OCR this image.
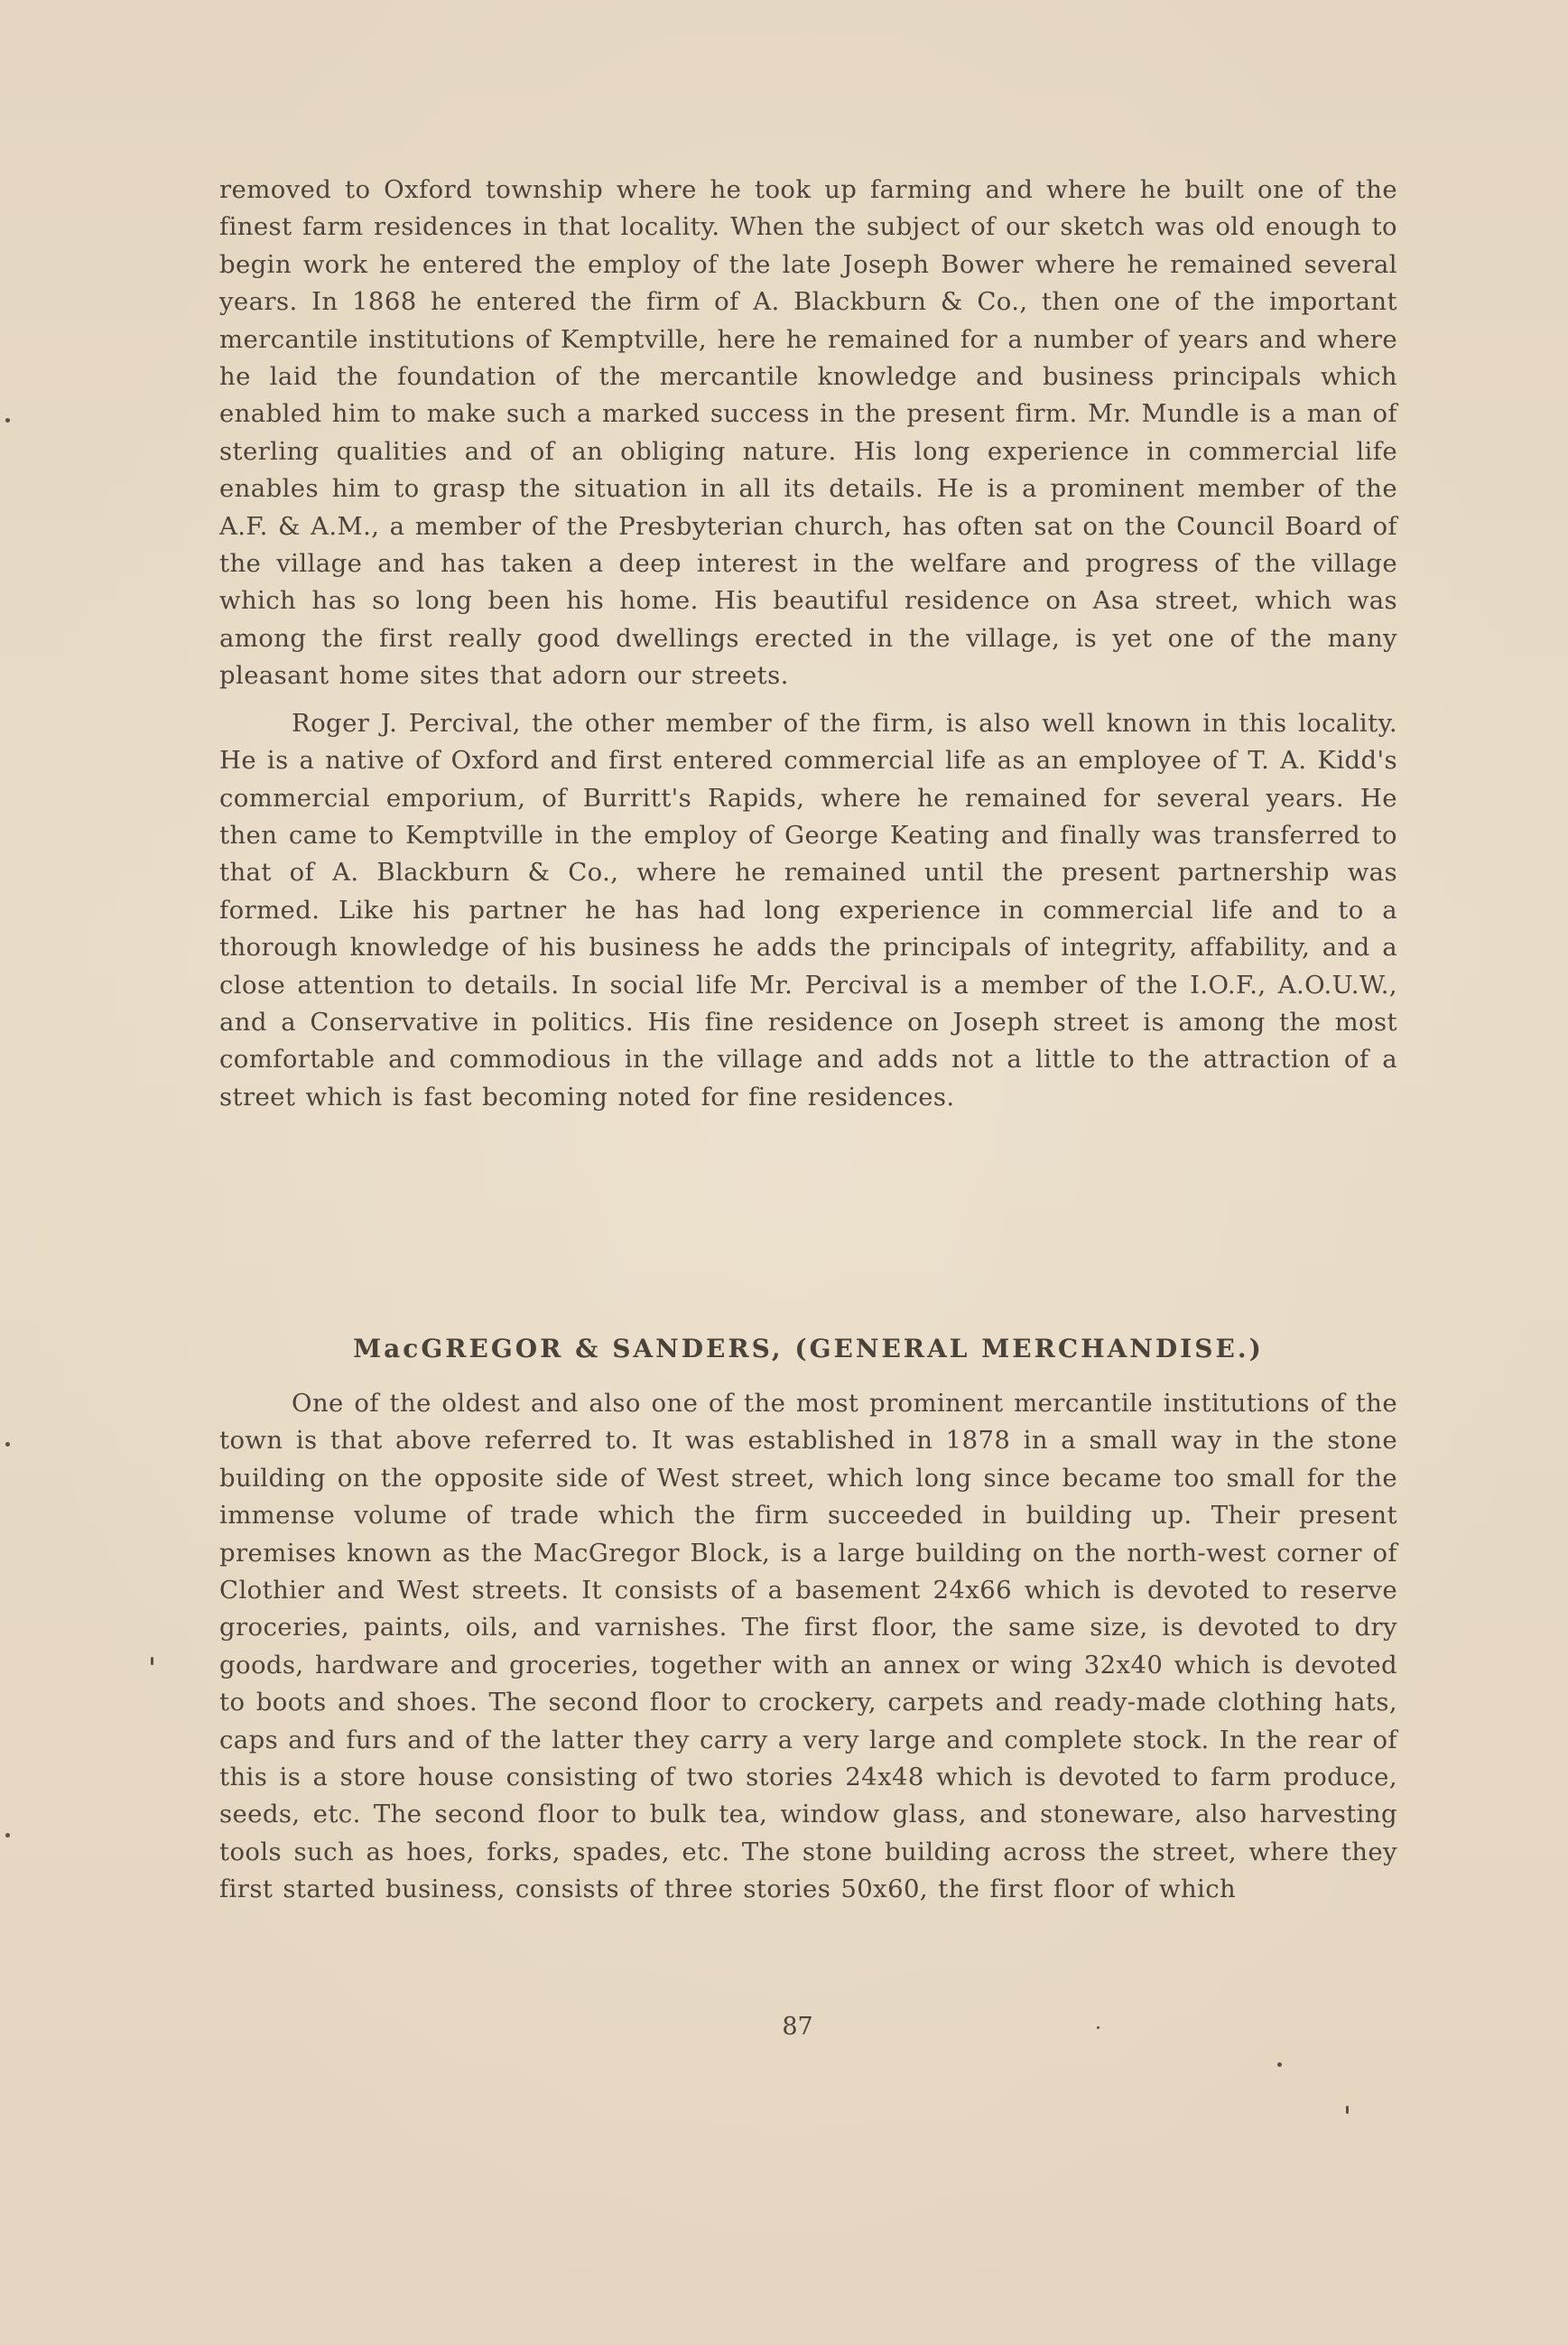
removed to Oxford township where he took up farming and where he built one of the finest farm residences in that locality. When the subject of our sketch was old enough to begin work he entered the employ of the late Joseph Bower where he remained several years. In 1868 he entered the firm of A. Blackburn & Co., then one of the important mercantile institutions of Kemptville, here he remained for a number of years and where he laid the foundation of the mercantile knowledge and business principals which enabled him to make such a marked success in the present firm. Mr. Mundle is a man of sterling qualities and of an obliging nature. His long experience in commercial life enables him to grasp the situation in all its details. He is a prominent member of the A.F. & A.M., a member of the Presbyterian church, has often sat on the Council Board of the village and has taken a deep interest in the welfare and progress of the village which has so long been his home. His beautiful residence on Asa street, which was among the first really good dwellings erected in the village, is yet one of the many pleasant home sites that adorn our streets.

Roger J. Percival, the other member of the firm, is also well known in this locality. He is a native of Oxford and first entered commercial life as an employee of T. A. Kidd's commercial emporium, of Burritt's Rapids, where he remained for several years. He then came to Kemptville in the employ of George Keating and finally was transferred to that of A. Blackburn & Co., where he remained until the present partnership was formed. Like his partner he has had long experience in commercial life and to a thorough knowledge of his business he adds the principals of integrity, affability, and a close attention to details. In social life Mr. Percival is a member of the I.O.F., A.O.U.W., and a Conservative in politics. His fine residence on Joseph street is among the most comfortable and commodious in the village and adds not a little to the attraction of a street which is fast becoming noted for fine residences.

MacGREGOR & SANDERS, (GENERAL MERCHANDISE.)

One of the oldest and also one of the most prominent mercantile institutions of the town is that above referred to. It was established in 1878 in a small way in the stone building on the opposite side of West street, which long since became too small for the immense volume of trade which the firm succeeded in building up. Their present premises known as the MacGregor Block, is a large building on the north-west corner of Clothier and West streets. It consists of a basement 24x66 which is devoted to reserve groceries, paints, oils, and varnishes. The first floor, the same size, is devoted to dry goods, hardware and groceries, together with an annex or wing 32x40 which is devoted to boots and shoes. The second floor to crockery, carpets and ready-made clothing hats, caps and furs and of the latter they carry a very large and complete stock. In the rear of this is a store house consisting of two stories 24x48 which is devoted to farm produce, seeds, etc. The second floor to bulk tea, window glass, and stoneware, also harvesting tools such as hoes, forks, spades, etc. The stone building across the street, where they first started business, consists of three stories 50x60, the first floor of which

87
